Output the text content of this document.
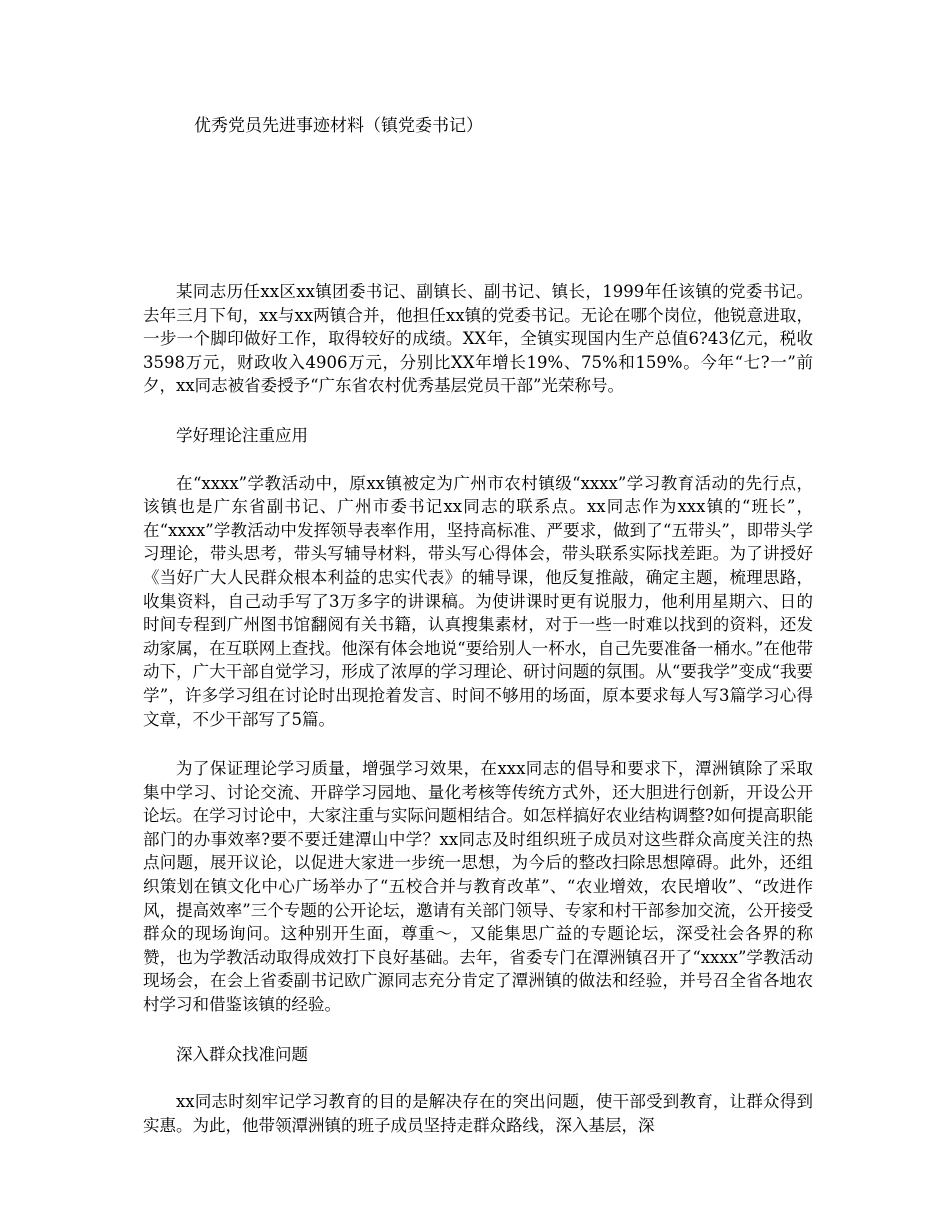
优秀党员先进事迹材料（镇党委书记）

某同志历任xx区xx镇团委书记、副镇长、副书记、镇长，1999年任该镇的党委书记。去年三月下旬，xx与xx两镇合并，他担任xx镇的党委书记。无论在哪个岗位，他锐意进取，一步一个脚印做好工作，取得较好的成绩。XX年，全镇实现国内生产总值6?43亿元，税收3598万元，财政收入4906万元，分别比XX年增长19%、75%和159%。今年“七?一”前夕，xx同志被省委授予“广东省农村优秀基层党员干部”光荣称号。

学好理论注重应用

在“xxxx”学教活动中，原xx镇被定为广州市农村镇级“xxxx”学习教育活动的先行点，该镇也是广东省副书记、广州市委书记xx同志的联系点。xx同志作为xxx镇的“班长”，在“xxxx”学教活动中发挥领导表率作用，坚持高标准、严要求，做到了“五带头”，即带头学习理论，带头思考，带头写辅导材料，带头写心得体会，带头联系实际找差距。为了讲授好《当好广大人民群众根本利益的忠实代表》的辅导课，他反复推敲，确定主题，梳理思路，收集资料，自己动手写了3万多字的讲课稿。为使讲课时更有说服力，他利用星期六、日的时间专程到广州图书馆翻阅有关书籍，认真搜集素材，对于一些一时难以找到的资料，还发动家属，在互联网上查找。他深有体会地说“要给别人一杯水，自己先要准备一桶水。”在他带动下，广大干部自觉学习，形成了浓厚的学习理论、研讨问题的氛围。从“要我学”变成“我要学”，许多学习组在讨论时出现抢着发言、时间不够用的场面，原本要求每人写3篇学习心得文章，不少干部写了5篇。

为了保证理论学习质量，增强学习效果，在xxx同志的倡导和要求下，潭洲镇除了采取集中学习、讨论交流、开辟学习园地、量化考核等传统方式外，还大胆进行创新，开设公开论坛。在学习讨论中，大家注重与实际问题相结合。如怎样搞好农业结构调整?如何提高职能部门的办事效率?要不要迁建潭山中学？xx同志及时组织班子成员对这些群众高度关注的热点问题，展开议论，以促进大家进一步统一思想，为今后的整改扫除思想障碍。此外，还组织策划在镇文化中心广场举办了“五校合并与教育改革”、“农业增效，农民增收”、“改进作风，提高效率”三个专题的公开论坛，邀请有关部门领导、专家和村干部参加交流，公开接受群众的现场询问。这种别开生面，尊重～，又能集思广益的专题论坛，深受社会各界的称赞，也为学教活动取得成效打下良好基础。去年，省委专门在潭洲镇召开了“xxxx”学教活动现场会，在会上省委副书记欧广源同志充分肯定了潭洲镇的做法和经验，并号召全省各地农村学习和借鉴该镇的经验。

深入群众找准问题

xx同志时刻牢记学习教育的目的是解决存在的突出问题，使干部受到教育，让群众得到实惠。为此，他带领潭洲镇的班子成员坚持走群众路线，深入基层，深
